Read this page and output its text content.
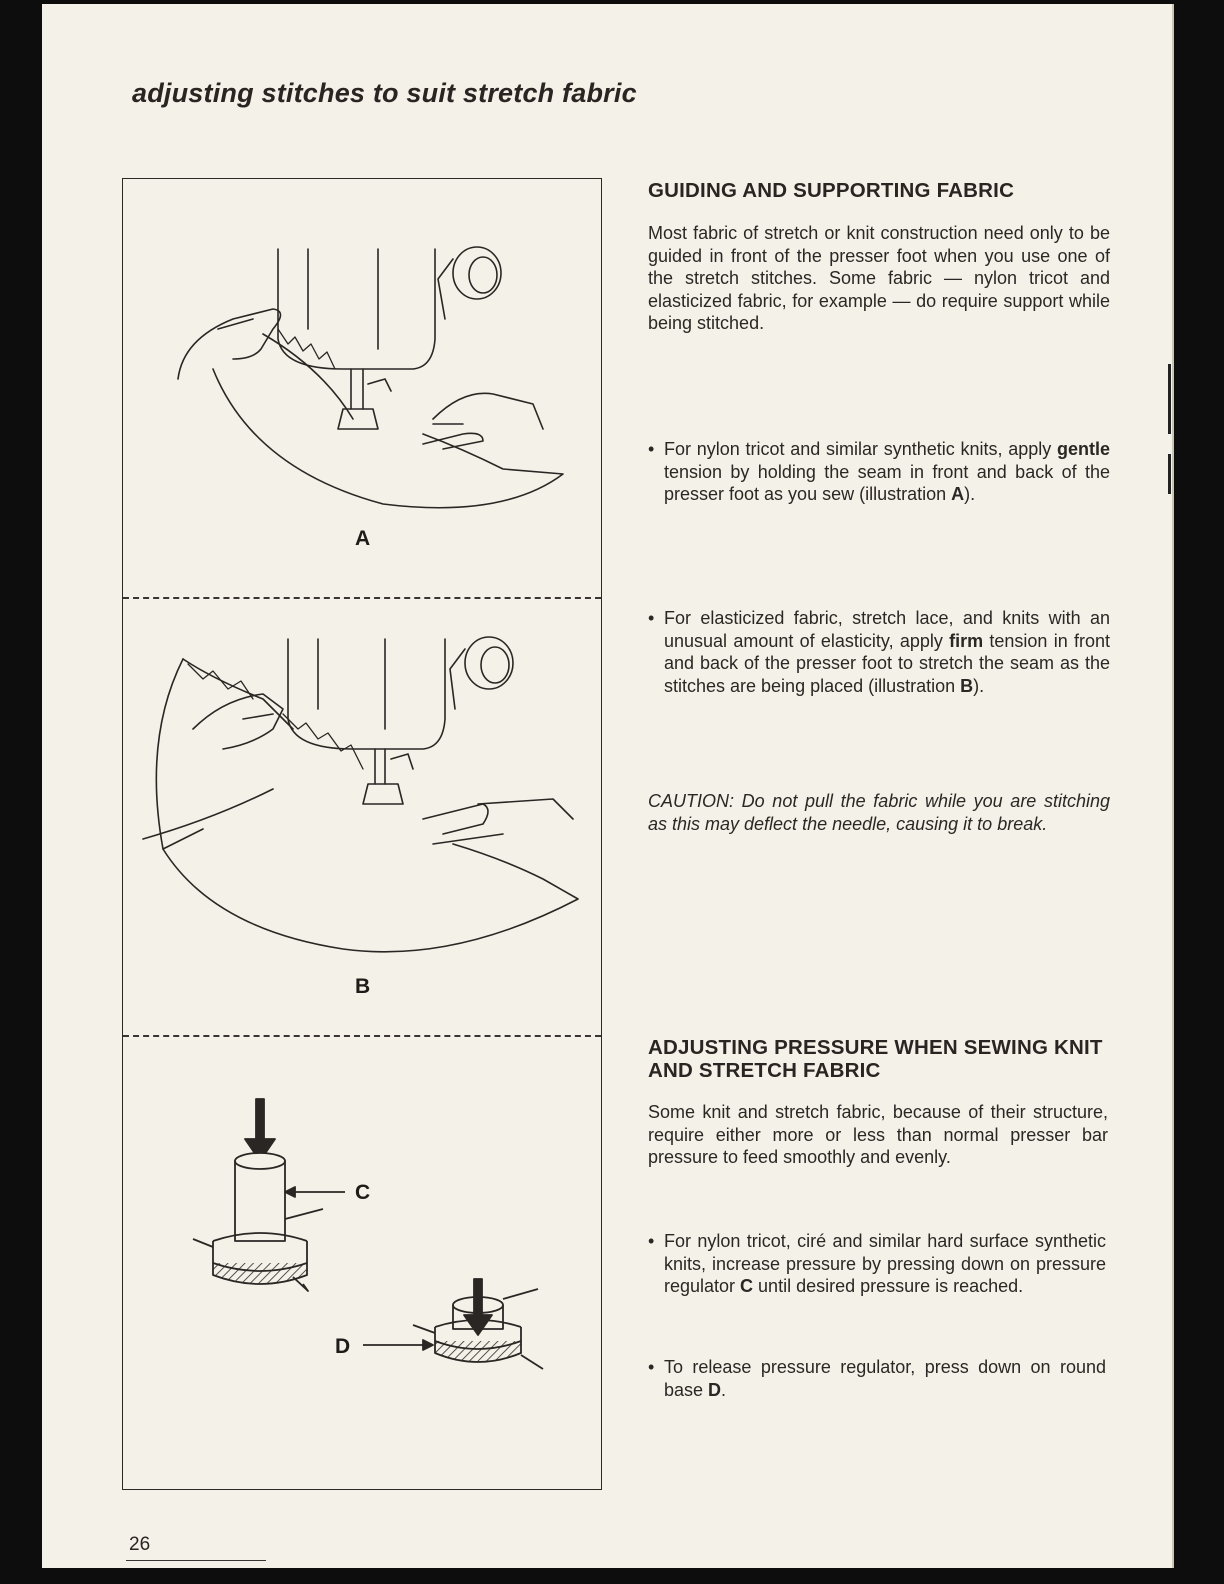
adjusting stitches to suit stretch fabric
A
B
C
D
GUIDING AND SUPPORTING FABRIC

Most fabric of stretch or knit construction need only to be guided in front of the presser foot when you use one of the stretch stitches. Some fabric — nylon tricot and elasticized fabric, for example — do require support while being stitched.

• For nylon tricot and similar synthetic knits, apply gentle tension by holding the seam in front and back of the presser foot as you sew (illustration A).

• For elasticized fabric, stretch lace, and knits with an unusual amount of elasticity, apply firm tension in front and back of the presser foot to stretch the seam as the stitches are being placed (illustration B).

CAUTION: Do not pull the fabric while you are stitching as this may deflect the needle, causing it to break.

ADJUSTING PRESSURE WHEN SEWING KNIT AND STRETCH FABRIC

Some knit and stretch fabric, because of their structure, require either more or less than normal presser bar pressure to feed smoothly and evenly.

• For nylon tricot, ciré and similar hard surface synthetic knits, increase pressure by pressing down on pressure regulator C until desired pressure is reached.

• To release pressure regulator, press down on round base D.

26
